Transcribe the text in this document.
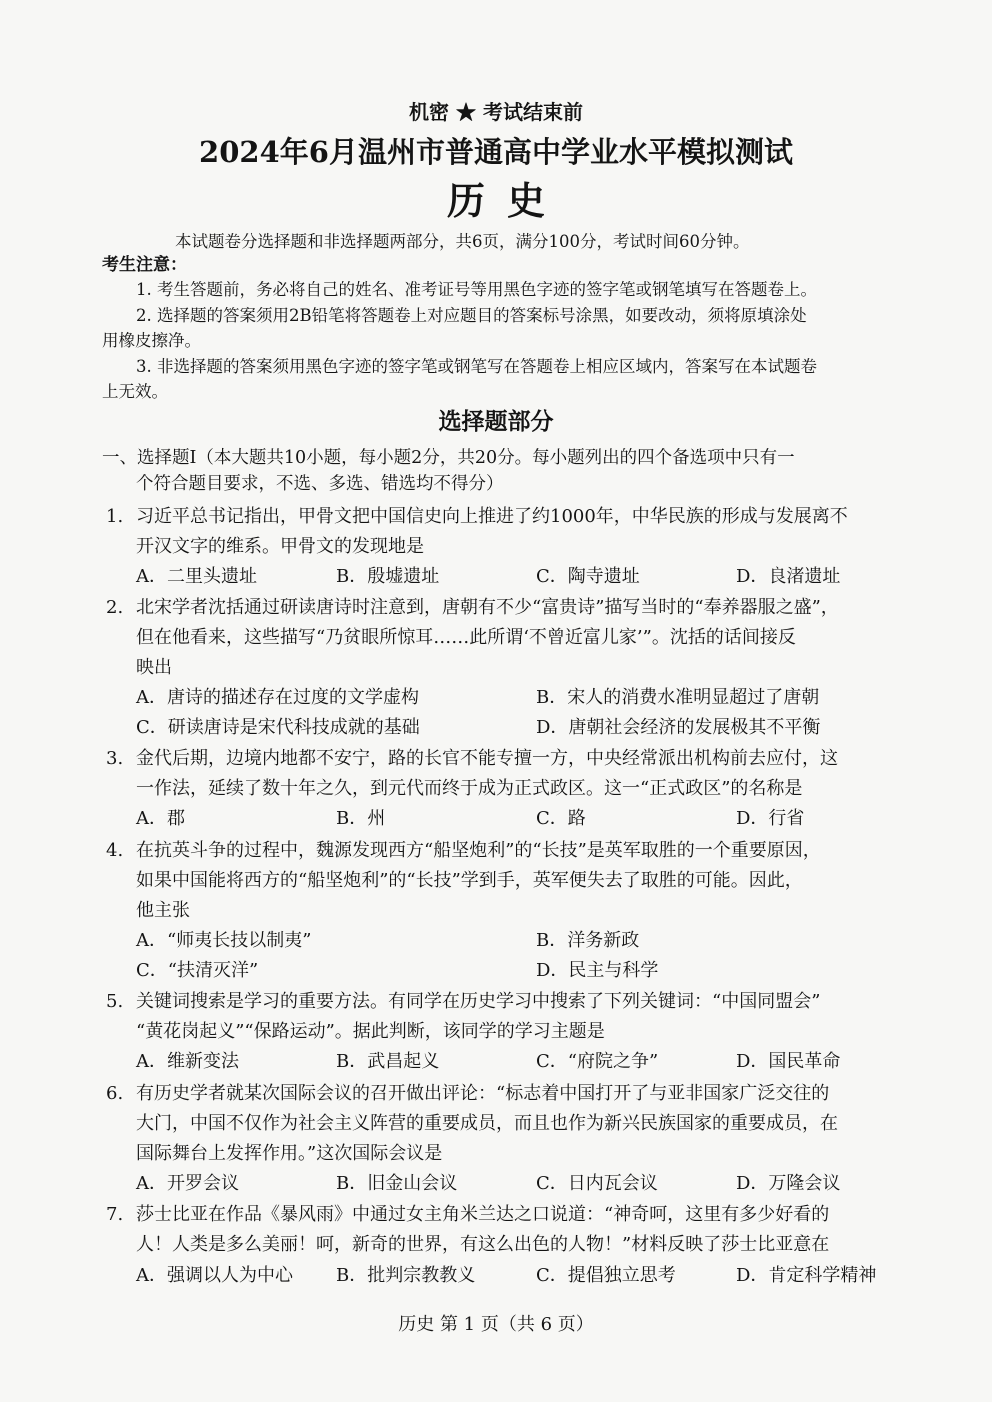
机密 ★ 考试结束前
2024年6月温州市普通高中学业水平模拟测试
历史
本试题卷分选择题和非选择题两部分，共6页，满分100分，考试时间60分钟。
考生注意：
1. 考生答题前，务必将自己的姓名、准考证号等用黑色字迹的签字笔或钢笔填写在答题卷上。
2. 选择题的答案须用2B铅笔将答题卷上对应题目的答案标号涂黑，如要改动，须将原填涂处
用橡皮擦净。
3. 非选择题的答案须用黑色字迹的签字笔或钢笔写在答题卷上相应区域内，答案写在本试题卷
上无效。
选择题部分
一、选择题Ⅰ（本大题共10小题，每小题2分，共20分。每小题列出的四个备选项中只有一
个符合题目要求，不选、多选、错选均不得分）
1. 习近平总书记指出，甲骨文把中国信史向上推进了约1000年，中华民族的形成与发展离不
开汉文字的维系。甲骨文的发现地是
A．二里头遗址	B．殷墟遗址	C．陶寺遗址	D．良渚遗址
2. 北宋学者沈括通过研读唐诗时注意到，唐朝有不少“富贵诗”描写当时的“奉养器服之盛”，
但在他看来，这些描写“乃贫眼所惊耳……此所谓‘不曾近富儿家’”。沈括的话间接反
映出
A．唐诗的描述存在过度的文学虚构	B．宋人的消费水准明显超过了唐朝
C．研读唐诗是宋代科技成就的基础	D．唐朝社会经济的发展极其不平衡
3. 金代后期，边境内地都不安宁，路的长官不能专擅一方，中央经常派出机构前去应付，这
一作法，延续了数十年之久，到元代而终于成为正式政区。这一“正式政区”的名称是
A．郡	B．州	C．路	D．行省
4. 在抗英斗争的过程中，魏源发现西方“船坚炮利”的“长技”是英军取胜的一个重要原因，
如果中国能将西方的“船坚炮利”的“长技”学到手，英军便失去了取胜的可能。因此，
他主张
A．“师夷长技以制夷”	B．洋务新政
C．“扶清灭洋”	D．民主与科学
5. 关键词搜索是学习的重要方法。有同学在历史学习中搜索了下列关键词：“中国同盟会”
“黄花岗起义”“保路运动”。据此判断，该同学的学习主题是
A．维新变法	B．武昌起义	C．“府院之争”	D．国民革命
6. 有历史学者就某次国际会议的召开做出评论：“标志着中国打开了与亚非国家广泛交往的
大门，中国不仅作为社会主义阵营的重要成员，而且也作为新兴民族国家的重要成员，在
国际舞台上发挥作用。”这次国际会议是
A．开罗会议	B．旧金山会议	C．日内瓦会议	D．万隆会议
7. 莎士比亚在作品《暴风雨》中通过女主角米兰达之口说道：“神奇呵，这里有多少好看的
人！人类是多么美丽！呵，新奇的世界，有这么出色的人物！”材料反映了莎士比亚意在
A．强调以人为中心 B．批判宗教教义	C．提倡独立思考	D．肯定科学精神
历史 第 1 页（共 6 页）
